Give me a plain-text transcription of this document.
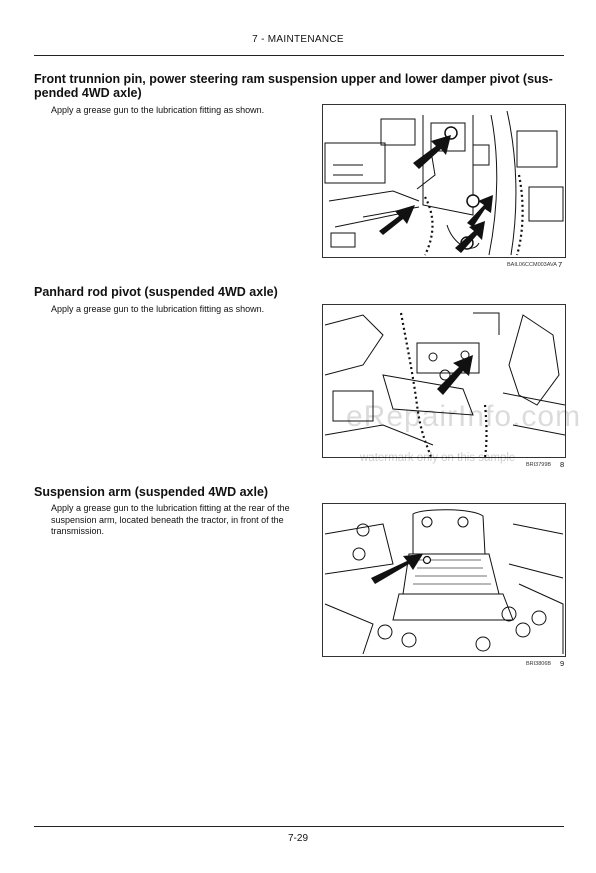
7 - MAINTENANCE
Front trunnion pin, power steering ram suspension upper and lower damper pivot (sus-pended 4WD axle)
Apply a grease gun to the lubrication fitting as shown.
BAIL06CCM003AVA 7
Panhard rod pivot (suspended 4WD axle)
Apply a grease gun to the lubrication fitting as shown.
BRI3799B 8
eRepairInfo.com
watermark only on this sample
Suspension arm (suspended 4WD axle)
Apply a grease gun to the lubrication fitting at the rear of the suspension arm, located beneath the tractor, in front of the transmission.
BRI3806B 9
7-29
